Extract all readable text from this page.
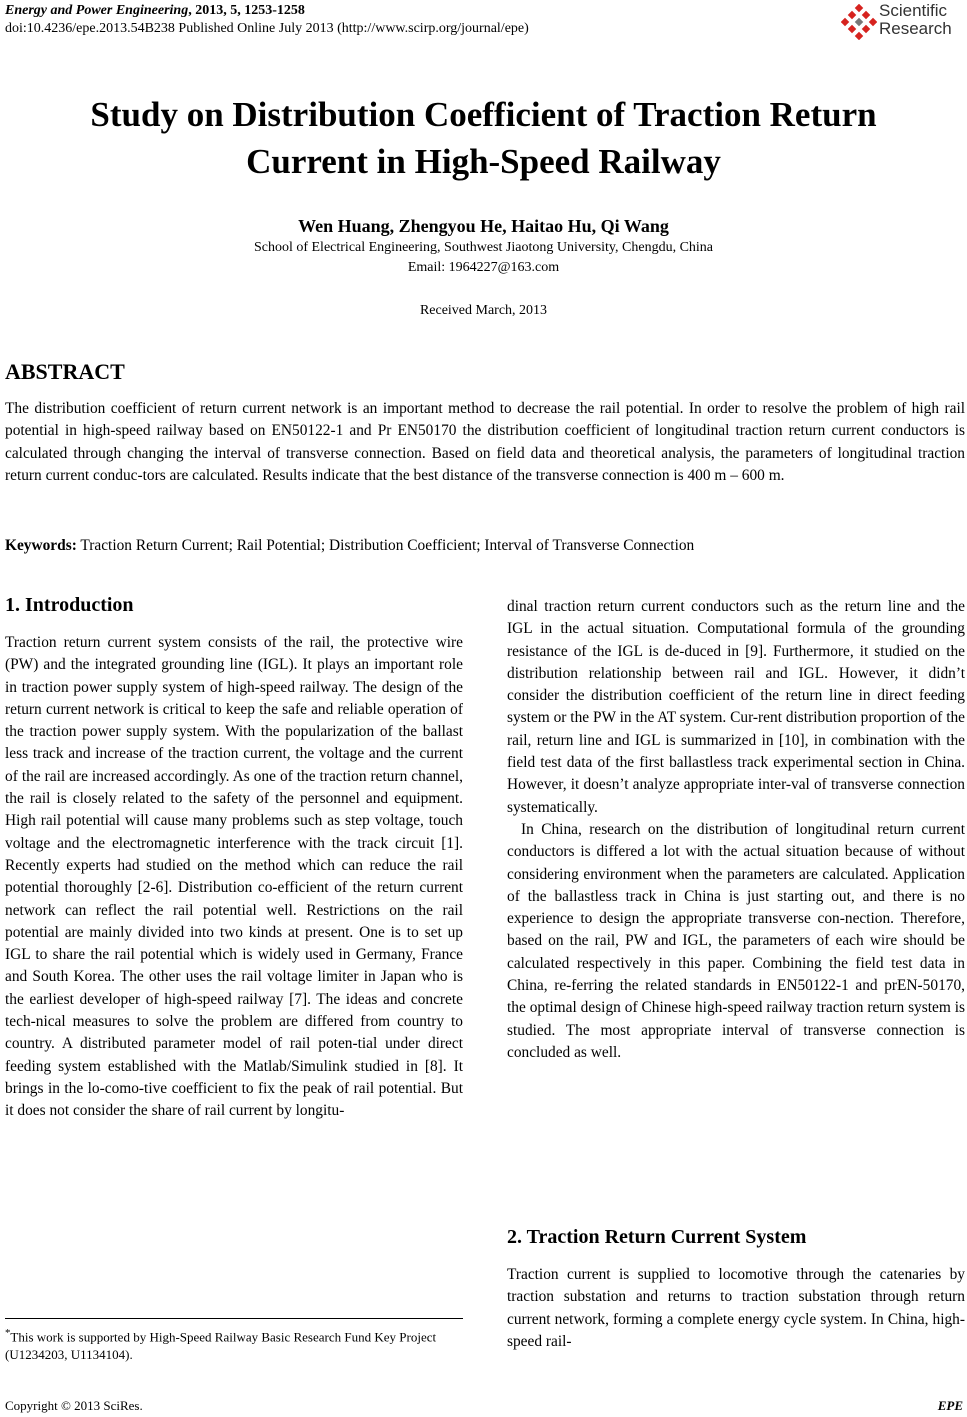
Energy and Power Engineering, 2013, 5, 1253-1258
doi:10.4236/epe.2013.54B238 Published Online July 2013 (http://www.scirp.org/journal/epe)
Scientific
Research
Study on Distribution Coefficient of Traction Return
Current in High-Speed Railway
Wen Huang, Zhengyou He, Haitao Hu, Qi Wang
School of Electrical Engineering, Southwest Jiaotong University, Chengdu, China
Email: 1964227@163.com
Received March, 2013
ABSTRACT
The distribution coefficient of return current network is an important method to decrease the rail potential. In order to resolve the problem of high rail potential in high-speed railway based on EN50122-1 and Pr EN50170 the distribution coefficient of longitudinal traction return current conductors is calculated through changing the interval of transverse connection. Based on field data and theoretical analysis, the parameters of longitudinal traction return current conduc-tors are calculated. Results indicate that the best distance of the transverse connection is 400 m – 600 m.
Keywords: Traction Return Current; Rail Potential; Distribution Coefficient; Interval of Transverse Connection
1. Introduction

Traction return current system consists of the rail, the protective wire (PW) and the integrated grounding line (IGL). It plays an important role in traction power supply system of high-speed railway. The design of the return current network is critical to keep the safe and reliable operation of the traction power supply system. With the popularization of the ballast less track and increase of the traction current, the voltage and the current of the rail are increased accordingly. As one of the traction return channel, the rail is closely related to the safety of the personnel and equipment. High rail potential will cause many problems such as step voltage, touch voltage and the electromagnetic interference with the track circuit [1]. Recently experts had studied on the method which can reduce the rail potential thoroughly [2-6]. Distribution co-efficient of the return current network can reflect the rail potential well. Restrictions on the rail potential are mainly divided into two kinds at present. One is to set up IGL to share the rail potential which is widely used in Germany, France and South Korea. The other uses the rail voltage limiter in Japan who is the earliest developer of high-speed railway [7]. The ideas and concrete tech-nical measures to solve the problem are differed from country to country. A distributed parameter model of rail poten-tial under direct feeding system established with the Matlab/Simulink studied in [8]. It brings in the lo-como-tive coefficient to fix the peak of rail potential. But it does not consider the share of rail current by longitu-

dinal traction return current conductors such as the return line and the IGL in the actual situation. Computational formula of the grounding resistance of the IGL is de-duced in [9]. Furthermore, it studied on the distribution relationship between rail and IGL. However, it didn’t consider the distribution coefficient of the return line in direct feeding system or the PW in the AT system. Cur-rent distribution proportion of the rail, return line and IGL is summarized in [10], in combination with the field test data of the first ballastless track experimental section in China. However, it doesn’t analyze appropriate inter-val of transverse connection systematically.

In China, research on the distribution of longitudinal return current conductors is differed a lot with the actual situation because of without considering environment when the parameters are calculated. Application of the ballastless track in China is just starting out, and there is no experience to design the appropriate transverse con-nection. Therefore, based on the rail, PW and IGL, the parameters of each wire should be calculated respectively in this paper. Combining the field test data in China, re-ferring the related standards in EN50122-1 and prEN-50170, the optimal design of Chinese high-speed railway traction return system is studied. The most appropriate interval of transverse connection is concluded as well.

2. Traction Return Current System

Traction current is supplied to locomotive through the catenaries by traction substation and returns to traction substation through return current network, forming a complete energy cycle system. In China, high-speed rail-

*This work is supported by High-Speed Railway Basic Research Fund Key Project (U1234203, U1134104).
Copyright © 2013 SciRes.	EPE
